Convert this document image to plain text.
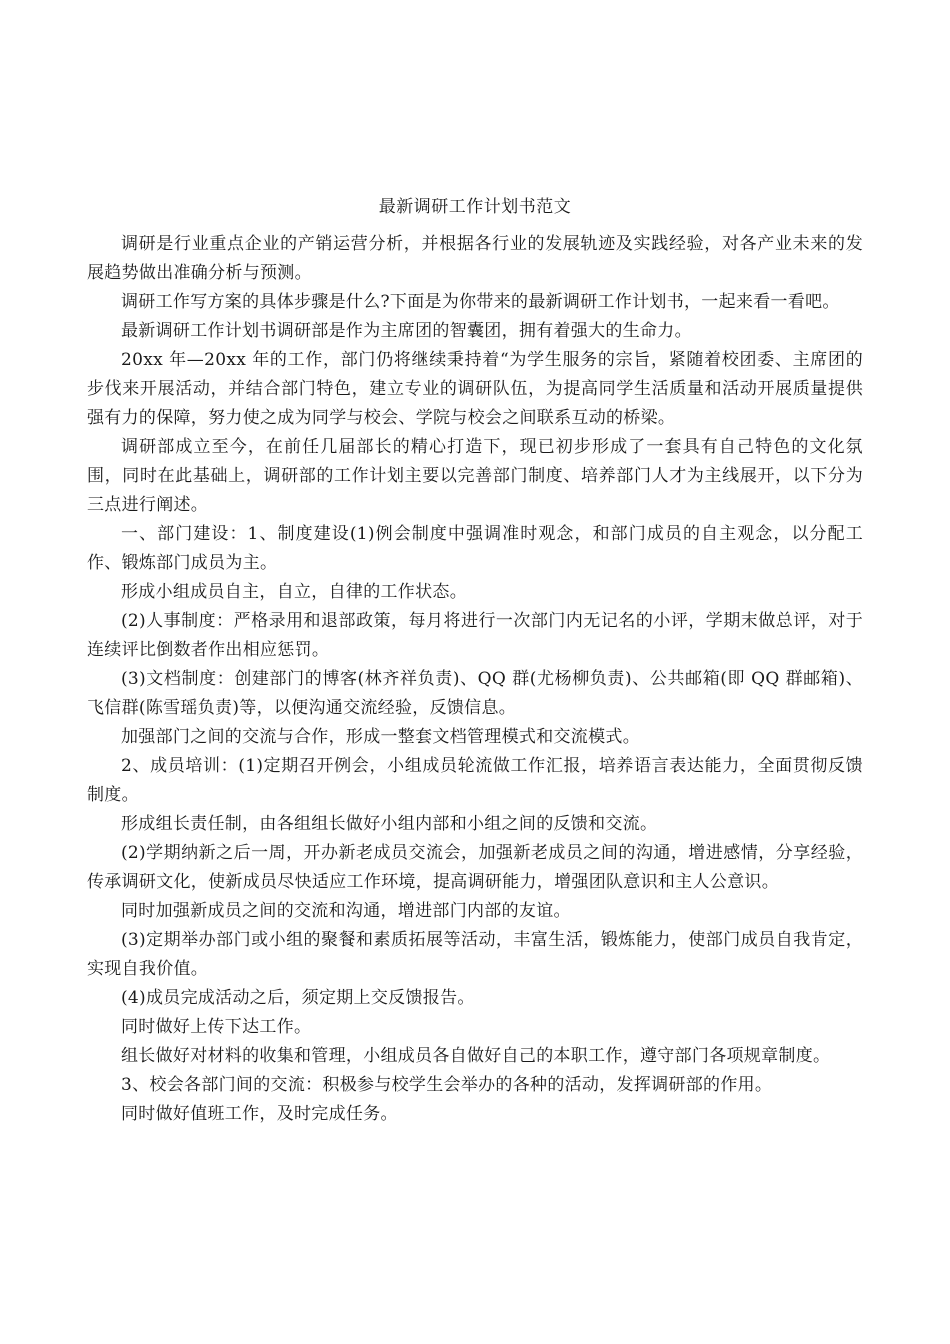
最新调研工作计划书范文

调研是行业重点企业的产销运营分析，并根据各行业的发展轨迹及实践经验，对各产业未来的发展趋势做出准确分析与预测。

调研工作写方案的具体步骤是什么?下面是为你带来的最新调研工作计划书，一起来看一看吧。

最新调研工作计划书调研部是作为主席团的智囊团，拥有着强大的生命力。

20xx 年—20xx 年的工作，部门仍将继续秉持着“为学生服务的宗旨，紧随着校团委、主席团的步伐来开展活动，并结合部门特色，建立专业的调研队伍，为提高同学生活质量和活动开展质量提供强有力的保障，努力使之成为同学与校会、学院与校会之间联系互动的桥梁。

调研部成立至今，在前任几届部长的精心打造下，现已初步形成了一套具有自己特色的文化氛围，同时在此基础上，调研部的工作计划主要以完善部门制度、培养部门人才为主线展开，以下分为三点进行阐述。

一、部门建设：1、制度建设(1)例会制度中强调准时观念，和部门成员的自主观念，以分配工作、锻炼部门成员为主。

形成小组成员自主，自立，自律的工作状态。

(2)人事制度：严格录用和退部政策，每月将进行一次部门内无记名的小评，学期末做总评，对于连续评比倒数者作出相应惩罚。

(3)文档制度：创建部门的博客(林齐祥负责)、QQ 群(尤杨柳负责)、公共邮箱(即 QQ 群邮箱)、飞信群(陈雪瑶负责)等，以便沟通交流经验，反馈信息。

加强部门之间的交流与合作，形成一整套文档管理模式和交流模式。

2、成员培训：(1)定期召开例会，小组成员轮流做工作汇报，培养语言表达能力，全面贯彻反馈制度。

形成组长责任制，由各组组长做好小组内部和小组之间的反馈和交流。

(2)学期纳新之后一周，开办新老成员交流会，加强新老成员之间的沟通，增进感情，分享经验，传承调研文化，使新成员尽快适应工作环境，提高调研能力，增强团队意识和主人公意识。

同时加强新成员之间的交流和沟通，增进部门内部的友谊。

(3)定期举办部门或小组的聚餐和素质拓展等活动，丰富生活，锻炼能力，使部门成员自我肯定，实现自我价值。

(4)成员完成活动之后，须定期上交反馈报告。

同时做好上传下达工作。

组长做好对材料的收集和管理，小组成员各自做好自己的本职工作，遵守部门各项规章制度。

3、校会各部门间的交流：积极参与校学生会举办的各种的活动，发挥调研部的作用。

同时做好值班工作，及时完成任务。
